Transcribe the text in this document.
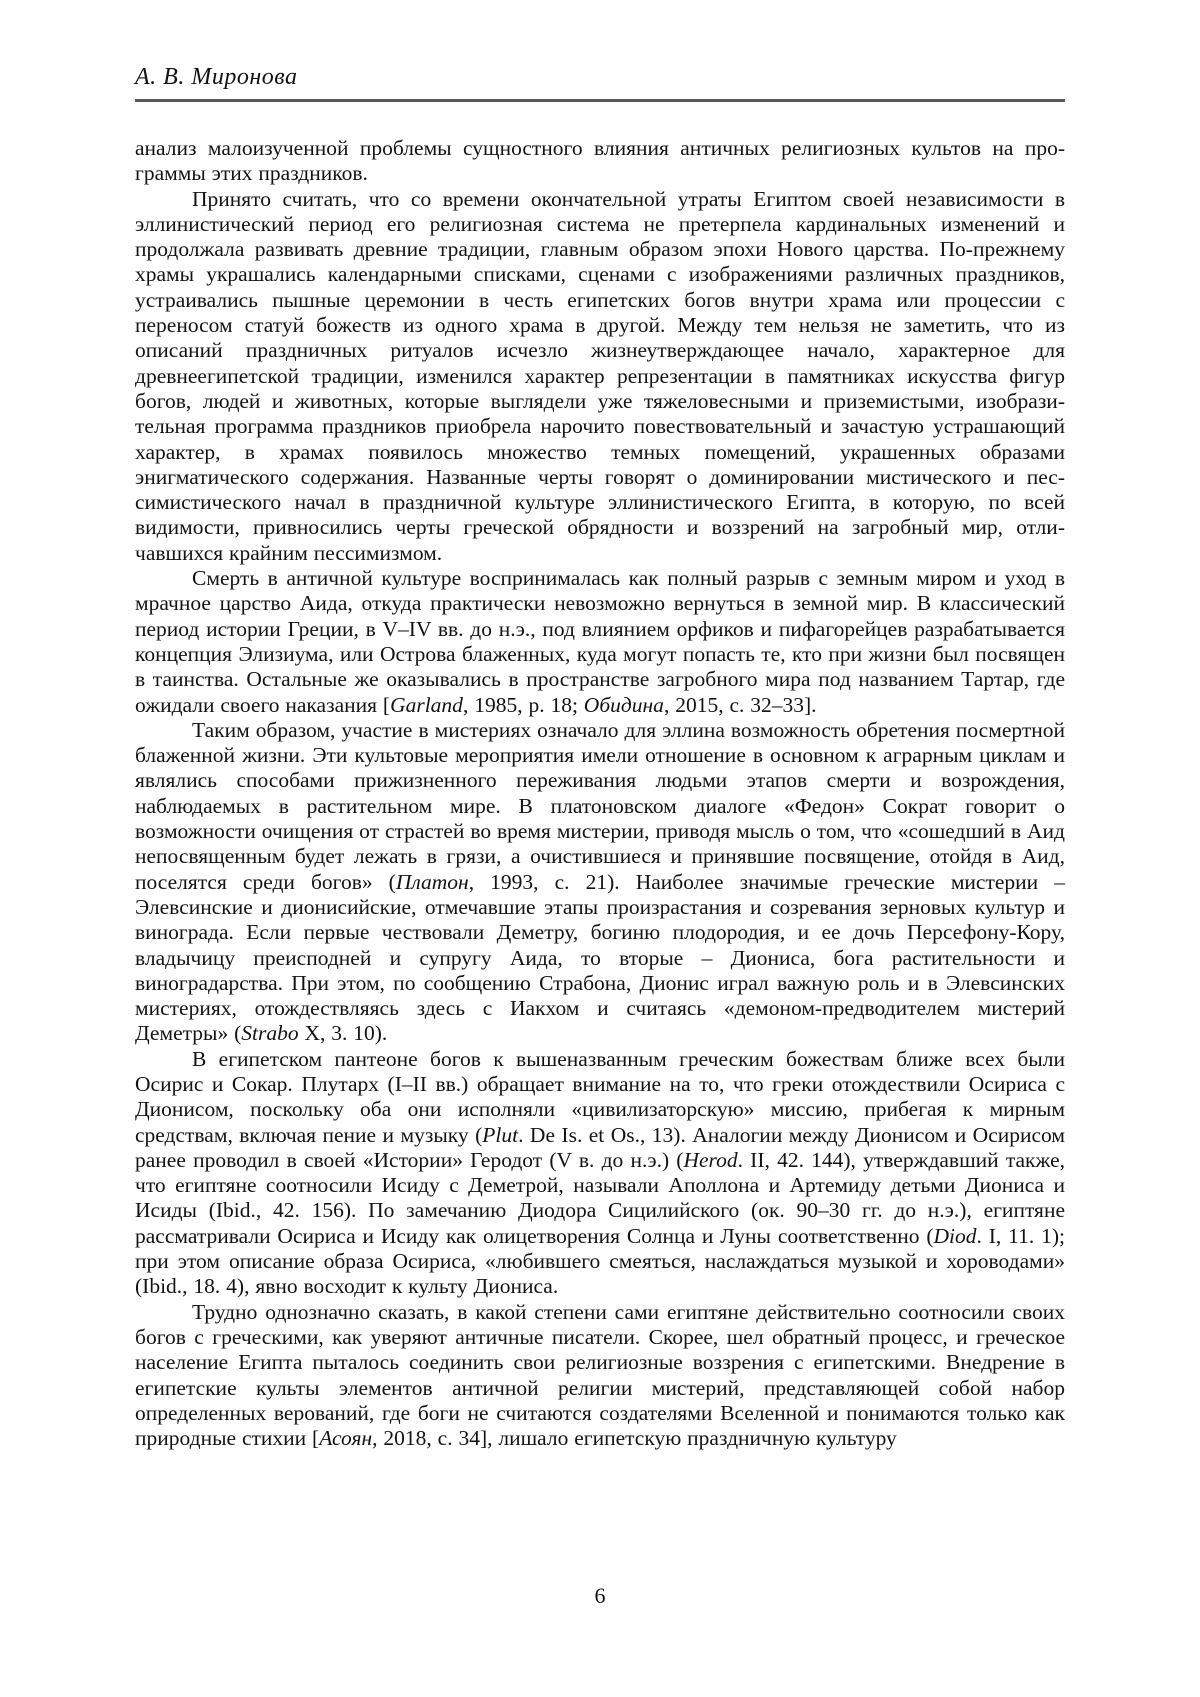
А. В. Миронова

анализ малоизученной проблемы сущностного влияния античных религиозных культов на программы этих праздников.

Принято считать, что со времени окончательной утраты Египтом своей независимости в эллинистический период его религиозная система не претерпела кардинальных изменений и продолжала развивать древние традиции, главным образом эпохи Нового царства. По-прежнему храмы украшались календарными списками, сценами с изображениями различных праздников, устраивались пышные церемонии в честь египетских богов внутри храма или процессии с переносом статуй божеств из одного храма в другой. Между тем нельзя не заметить, что из описаний праздничных ритуалов исчезло жизнеутверждающее начало, характерное для древнеегипетской традиции, изменился характер репрезентации в памятниках искусства фигур богов, людей и животных, которые выглядели уже тяжеловесными и приземистыми, изобразительная программа праздников приобрела нарочито повествовательный и зачастую устрашающий характер, в храмах появилось множество темных помещений, украшенных образами энигматического содержания. Названные черты говорят о доминировании мистического и пессимистического начал в праздничной культуре эллинистического Египта, в которую, по всей видимости, привносились черты греческой обрядности и воззрений на загробный мир, отличавшихся крайним пессимизмом.

Смерть в античной культуре воспринималась как полный разрыв с земным миром и уход в мрачное царство Аида, откуда практически невозможно вернуться в земной мир. В классический период истории Греции, в V–IV вв. до н.э., под влиянием орфиков и пифагорейцев разрабатывается концепция Элизиума, или Острова блаженных, куда могут попасть те, кто при жизни был посвящен в таинства. Остальные же оказывались в пространстве загробного мира под названием Тартар, где ожидали своего наказания [Garland, 1985, p. 18; Обидина, 2015, с. 32–33].

Таким образом, участие в мистериях означало для эллина возможность обретения посмертной блаженной жизни. Эти культовые мероприятия имели отношение в основном к аграрным циклам и являлись способами прижизненного переживания людьми этапов смерти и возрождения, наблюдаемых в растительном мире. В платоновском диалоге «Федон» Сократ говорит о возможности очищения от страстей во время мистерии, приводя мысль о том, что «сошедший в Аид непосвященным будет лежать в грязи, а очистившиеся и принявшие посвящение, отойдя в Аид, поселятся среди богов» (Платон, 1993, с. 21). Наиболее значимые греческие мистерии – Элевсинские и дионисийские, отмечавшие этапы произрастания и созревания зерновых культур и винограда. Если первые чествовали Деметру, богиню плодородия, и ее дочь Персефону-Кору, владычицу преисподней и супругу Аида, то вторые – Диониса, бога растительности и виноградарства. При этом, по сообщению Страбона, Дионис играл важную роль и в Элевсинских мистериях, отождествляясь здесь с Иакхом и считаясь «демоном-предводителем мистерий Деметры» (Strabo X, 3. 10).

В египетском пантеоне богов к вышеназванным греческим божествам ближе всех были Осирис и Сокар. Плутарх (I–II вв.) обращает внимание на то, что греки отождествили Осириса с Дионисом, поскольку оба они исполняли «цивилизаторскую» миссию, прибегая к мирным средствам, включая пение и музыку (Plut. De Is. et Os., 13). Аналогии между Дионисом и Осирисом ранее проводил в своей «Истории» Геродот (V в. до н.э.) (Herod. II, 42. 144), утверждавший также, что египтяне соотносили Исиду с Деметрой, называли Аполлона и Артемиду детьми Диониса и Исиды (Ibid., 42. 156). По замечанию Диодора Сицилийского (ок. 90–30 гг. до н.э.), египтяне рассматривали Осириса и Исиду как олицетворения Солнца и Луны соответственно (Diod. I, 11. 1); при этом описание образа Осириса, «любившего смеяться, наслаждаться музыкой и хороводами» (Ibid., 18. 4), явно восходит к культу Диониса.

Трудно однозначно сказать, в какой степени сами египтяне действительно соотносили своих богов с греческими, как уверяют античные писатели. Скорее, шел обратный процесс, и греческое население Египта пыталось соединить свои религиозные воззрения с египетскими. Внедрение в египетские культы элементов античной религии мистерий, представляющей собой набор определенных верований, где боги не считаются создателями Вселенной и понимаются только как природные стихии [Асоян, 2018, с. 34], лишало египетскую праздничную культуру

6
